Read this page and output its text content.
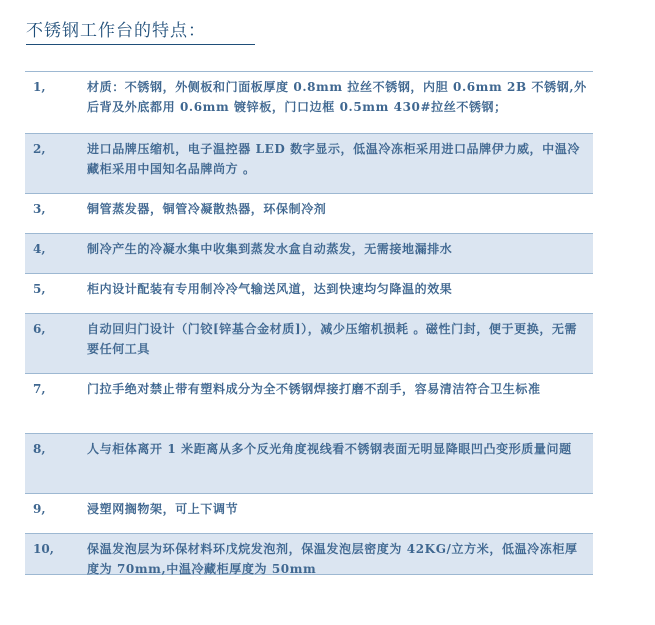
不锈钢工作台的特点：
1,	材质：不锈钢，外侧板和门面板厚度 0.8mm 拉丝不锈钢，内胆 0.6mm 2B 不锈钢,外后背及外底都用 0.6mm 镀锌板，门口边框 0.5mm 430#拉丝不锈钢；
2,	进口品牌压缩机，电子温控器 LED 数字显示，低温冷冻柜采用进口品牌伊力威，中温冷藏柜采用中国知名品牌尚方 。
3,	铜管蒸发器，铜管冷凝散热器，环保制冷剂
4,	制冷产生的冷凝水集中收集到蒸发水盒自动蒸发，无需接地漏排水
5,	柜内设计配装有专用制冷冷气输送风道，达到快速均匀降温的效果
6,	自动回归门设计（门铰[锌基合金材质]），减少压缩机损耗 。磁性门封，便于更换，无需要任何工具
7,	门拉手绝对禁止带有塑料成分为全不锈钢焊接打磨不刮手，容易清洁符合卫生标准
8,	人与柜体离开 1 米距离从多个反光角度视线看不锈钢表面无明显降眼凹凸变形质量问题
9,	浸塑网搁物架，可上下调节
10,	保温发泡层为环保材料环戊烷发泡剂，保温发泡层密度为 42KG/立方米，低温冷冻柜厚度为 70mm,中温冷藏柜厚度为 50mm
